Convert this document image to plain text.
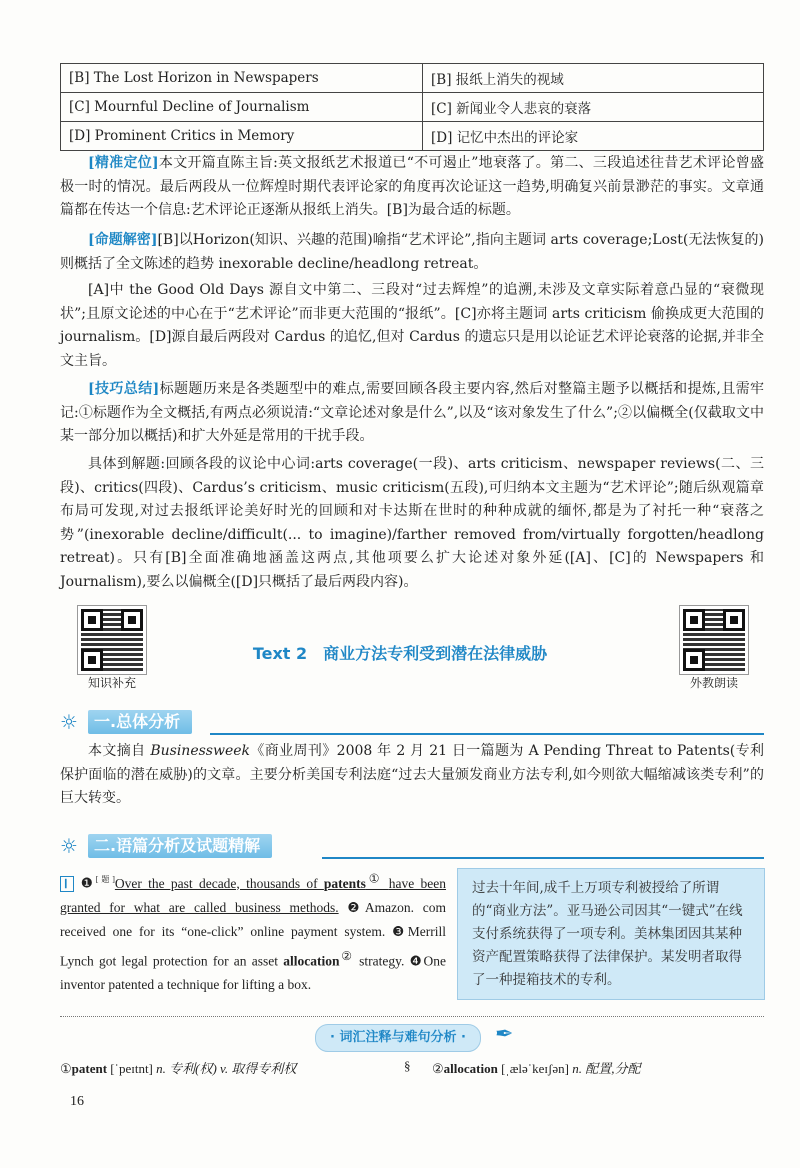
[B] The Lost Horizon in Newspapers	[B] 报纸上消失的视域
[C] Mournful Decline of Journalism	[C] 新闻业令人悲哀的衰落
[D] Prominent Critics in Memory	[D] 记忆中杰出的评论家
[精准定位]本文开篇直陈主旨:英文报纸艺术报道已“不可遏止”地衰落了。第二、三段追述往昔艺术评论曾盛极一时的情况。最后两段从一位辉煌时期代表评论家的角度再次论证这一趋势,明确复兴前景渺茫的事实。文章通篇都在传达一个信息:艺术评论正逐渐从报纸上消失。[B]为最合适的标题。
[命题解密][B]以Horizon(知识、兴趣的范围)喻指“艺术评论”,指向主题词 arts coverage;Lost(无法恢复的)则概括了全文陈述的趋势 inexorable decline/headlong retreat。
[A]中 the Good Old Days 源自文中第二、三段对“过去辉煌”的追溯,未涉及文章实际着意凸显的“衰微现状”;且原文论述的中心在于“艺术评论”而非更大范围的“报纸”。[C]亦将主题词 arts criticism 偷换成更大范围的 journalism。[D]源自最后两段对 Cardus 的追忆,但对 Cardus 的遗忘只是用以论证艺术评论衰落的论据,并非全文主旨。
[技巧总结]标题题历来是各类题型中的难点,需要回顾各段主要内容,然后对整篇主题予以概括和提炼,且需牢记:①标题作为全文概括,有两点必须说清:“文章论述对象是什么”,以及“该对象发生了什么”;②以偏概全(仅截取文中某一部分加以概括)和扩大外延是常用的干扰手段。
具体到解题:回顾各段的议论中心词:arts coverage(一段)、arts criticism、newspaper reviews(二、三段)、critics(四段)、Cardus’s criticism、music criticism(五段),可归纳本文主题为“艺术评论”;随后纵观篇章布局可发现,对过去报纸评论美好时光的回顾和对卡达斯在世时的种种成就的缅怀,都是为了衬托一种“衰落之势”(inexorable decline/difficult(... to imagine)/farther removed from/virtually forgotten/headlong retreat)。只有[B]全面准确地涵盖这两点,其他项要么扩大论述对象外延([A]、[C]的 Newspapers 和 Journalism),要么以偏概全([D]只概括了最后两段内容)。
知识补充
Text 2　商业方法专利受到潜在法律威胁
外教朗读
☼	一.总体分析
本文摘自 Businessweek《商业周刊》2008 年 2 月 21 日一篇题为 A Pending Threat to Patents(专利保护面临的潜在威胁)的文章。主要分析美国专利法庭“过去大量颁发商业方法专利,如今则欲大幅缩减该类专利”的巨大转变。
☼	二.语篇分析及试题精解
Ⅰ ❶[题]Over the past decade, thousands of patents① have been granted for what are called business methods. ❷Amazon. com received one for its “one-click” online payment system. ❸Merrill Lynch got legal protection for an asset allocation② strategy. ❹One inventor patented a technique for lifting a box.
过去十年间,成千上万项专利被授给了所谓的“商业方法”。亚马逊公司因其“一键式”在线支付系统获得了一项专利。美林集团因其某种资产配置策略获得了法律保护。某发明者取得了一种提箱技术的专利。
· 词汇注释与难句分析 ·	✒
①patent [ˈpeɪtnt] n. 专利(权) v. 取得专利权	§ ②allocation [ˌæləˈkeɪʃən] n. 配置,分配
16
